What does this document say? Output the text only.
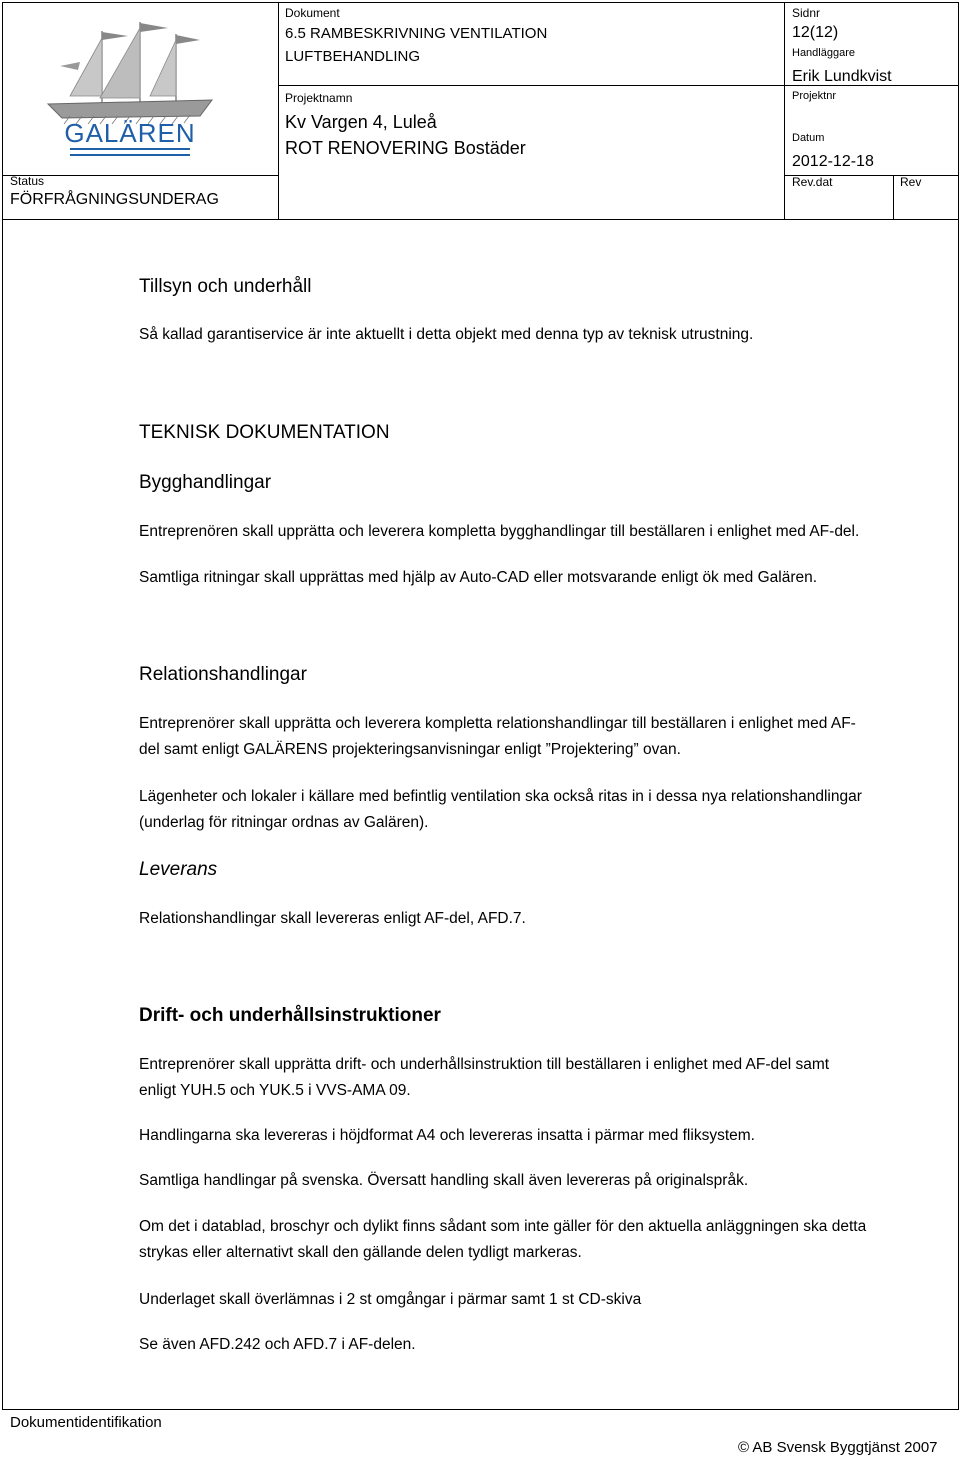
GALÄREN
Dokument
6.5 RAMBESKRIVNING VENTILATION
LUFTBEHANDLING
Projektnamn
Kv Vargen 4, Luleå
ROT RENOVERING Bostäder
Sidnr
12(12)
Handläggare
Erik Lundkvist
Projektnr
Datum
2012-12-18
Status
FÖRFRÅGNINGSUNDERAG
Rev.dat	Rev
Tillsyn och underhåll
Så kallad garantiservice är inte aktuellt i detta objekt med denna typ av teknisk utrustning.
TEKNISK DOKUMENTATION
Bygghandlingar
Entreprenören skall upprätta och leverera kompletta bygghandlingar till beställaren i enlighet med AF-del.
Samtliga ritningar skall upprättas med hjälp av Auto-CAD eller motsvarande enligt ök med Galären.
Relationshandlingar
Entreprenörer skall upprätta och leverera kompletta relationshandlingar till beställaren i enlighet med AF-
del samt enligt GALÄRENS projekteringsanvisningar enligt ”Projektering” ovan.
Lägenheter och lokaler i källare med befintlig ventilation ska också ritas in i dessa nya relationshandlingar
(underlag för ritningar ordnas av Galären).
Leverans
Relationshandlingar skall levereras enligt AF-del, AFD.7.
Drift- och underhållsinstruktioner
Entreprenörer skall upprätta drift- och underhållsinstruktion till beställaren i enlighet med AF-del samt
enligt YUH.5 och YUK.5 i VVS-AMA 09.
Handlingarna ska levereras i höjdformat A4 och levereras insatta i pärmar med fliksystem.
Samtliga handlingar på svenska. Översatt handling skall även levereras på originalspråk.
Om det i datablad, broschyr och dylikt finns sådant som inte gäller för den aktuella anläggningen ska detta
strykas eller alternativt skall den gällande delen tydligt markeras.
Underlaget skall överlämnas i 2 st omgångar i pärmar samt 1 st CD-skiva
Se även AFD.242 och AFD.7 i AF-delen.
Dokumentidentifikation
© AB Svensk Byggtjänst 2007
